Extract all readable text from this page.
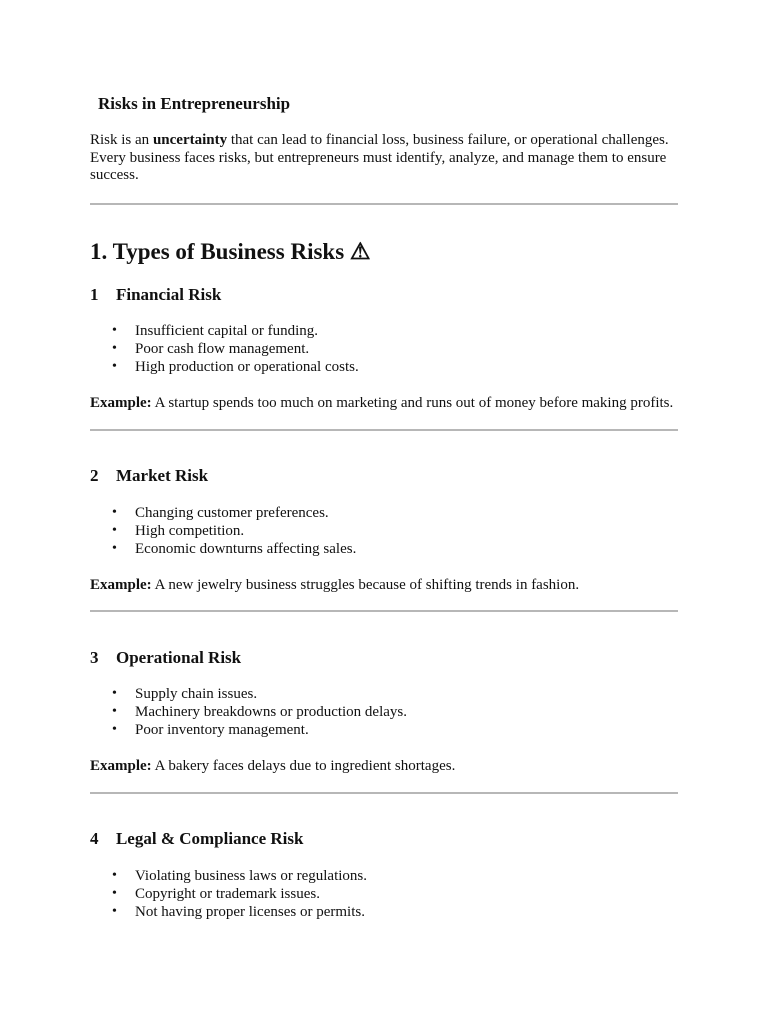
Risks in Entrepreneurship

Risk is an uncertainty that can lead to financial loss, business failure, or operational challenges. Every business faces risks, but entrepreneurs must identify, analyze, and manage them to ensure success.

1. Types of Business Risks ⚠
1⃣ Financial Risk
• Insufficient capital or funding.
• Poor cash flow management.
• High production or operational costs.

Example: A startup spends too much on marketing and runs out of money before making profits.

2⃣ Market Risk
• Changing customer preferences.
• High competition.
• Economic downturns affecting sales.

Example: A new jewelry business struggles because of shifting trends in fashion.

3⃣ Operational Risk ⚙
• Supply chain issues.
• Machinery breakdowns or production delays.
• Poor inventory management.

Example: A bakery faces delays due to ingredient shortages.

4⃣ Legal & Compliance Risk ⚖
• Violating business laws or regulations.
• Copyright or trademark issues.
• Not having proper licenses or permits.
